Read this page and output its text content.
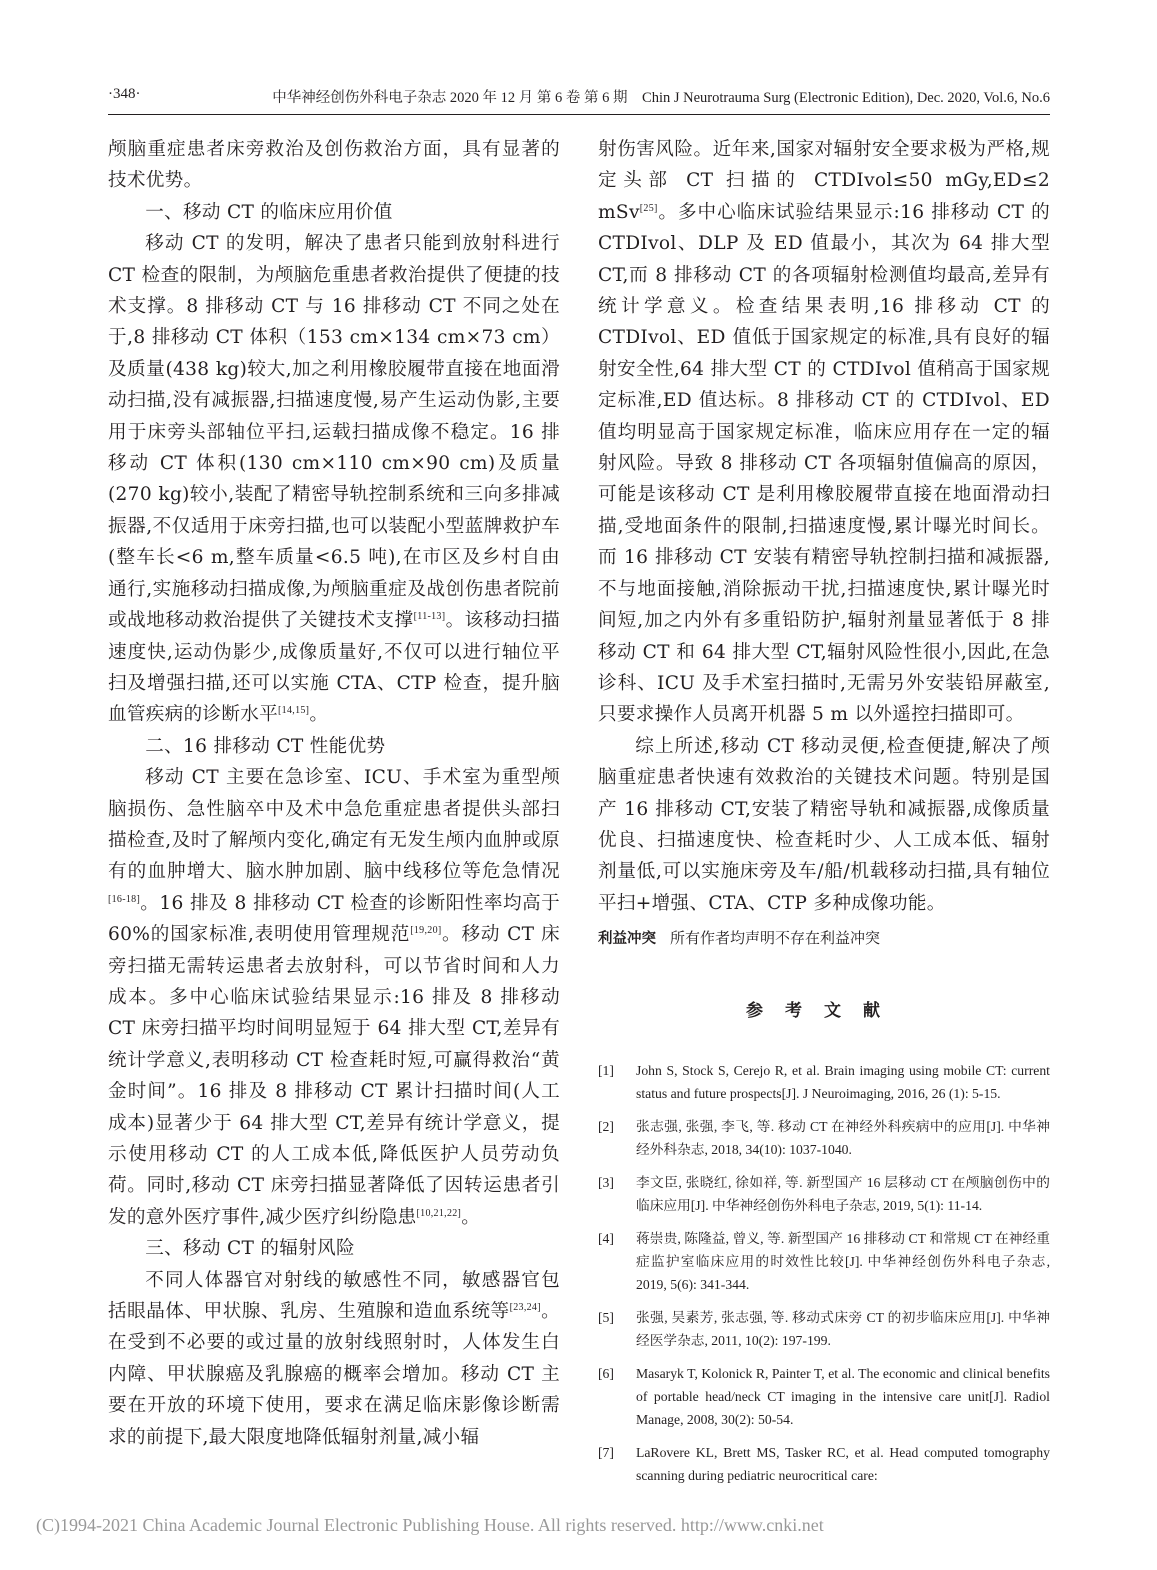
·348·	中华神经创伤外科电子杂志 2020 年 12 月 第 6 卷 第 6 期　Chin J Neurotrauma Surg (Electronic Edition), Dec. 2020, Vol.6, No.6

颅脑重症患者床旁救治及创伤救治方面，具有显著的技术优势。

一、移动 CT 的临床应用价值

移动 CT 的发明，解决了患者只能到放射科进行 CT 检查的限制，为颅脑危重患者救治提供了便捷的技术支撑。8 排移动 CT 与 16 排移动 CT 不同之处在于,8 排移动 CT 体积（153 cm×134 cm×73 cm）及质量(438 kg)较大,加之利用橡胶履带直接在地面滑动扫描,没有减振器,扫描速度慢,易产生运动伪影,主要用于床旁头部轴位平扫,运载扫描成像不稳定。16 排移动 CT 体积(130 cm×110 cm×90 cm)及质量(270 kg)较小,装配了精密导轨控制系统和三向多排减振器,不仅适用于床旁扫描,也可以装配小型蓝牌救护车(整车长<6 m,整车质量<6.5 吨),在市区及乡村自由通行,实施移动扫描成像,为颅脑重症及战创伤患者院前或战地移动救治提供了关键技术支撑[11-13]。该移动扫描速度快,运动伪影少,成像质量好,不仅可以进行轴位平扫及增强扫描,还可以实施 CTA、CTP 检查，提升脑血管疾病的诊断水平[14,15]。

二、16 排移动 CT 性能优势

移动 CT 主要在急诊室、ICU、手术室为重型颅脑损伤、急性脑卒中及术中急危重症患者提供头部扫描检查,及时了解颅内变化,确定有无发生颅内血肿或原有的血肿增大、脑水肿加剧、脑中线移位等危急情况[16-18]。16 排及 8 排移动 CT 检查的诊断阳性率均高于 60%的国家标准,表明使用管理规范[19,20]。移动 CT 床旁扫描无需转运患者去放射科，可以节省时间和人力成本。多中心临床试验结果显示:16 排及 8 排移动 CT 床旁扫描平均时间明显短于 64 排大型 CT,差异有统计学意义,表明移动 CT 检查耗时短,可赢得救治“黄金时间”。16 排及 8 排移动 CT 累计扫描时间(人工成本)显著少于 64 排大型 CT,差异有统计学意义，提示使用移动 CT 的人工成本低,降低医护人员劳动负荷。同时,移动 CT 床旁扫描显著降低了因转运患者引发的意外医疗事件,减少医疗纠纷隐患[10,21,22]。

三、移动 CT 的辐射风险

不同人体器官对射线的敏感性不同，敏感器官包括眼晶体、甲状腺、乳房、生殖腺和造血系统等[23,24]。在受到不必要的或过量的放射线照射时，人体发生白内障、甲状腺癌及乳腺癌的概率会增加。移动 CT 主要在开放的环境下使用，要求在满足临床影像诊断需求的前提下,最大限度地降低辐射剂量,减小辐

射伤害风险。近年来,国家对辐射安全要求极为严格,规定头部 CT 扫描的 CTDIvol≤50 mGy,ED≤2 mSv[25]。多中心临床试验结果显示:16 排移动 CT 的 CTDIvol、DLP 及 ED 值最小，其次为 64 排大型 CT,而 8 排移动 CT 的各项辐射检测值均最高,差异有统计学意义。检查结果表明,16 排移动 CT 的 CTDIvol、ED 值低于国家规定的标准,具有良好的辐射安全性,64 排大型 CT 的 CTDIvol 值稍高于国家规定标准,ED 值达标。8 排移动 CT 的 CTDIvol、ED 值均明显高于国家规定标准，临床应用存在一定的辐射风险。导致 8 排移动 CT 各项辐射值偏高的原因，可能是该移动 CT 是利用橡胶履带直接在地面滑动扫描,受地面条件的限制,扫描速度慢,累计曝光时间长。而 16 排移动 CT 安装有精密导轨控制扫描和减振器,不与地面接触,消除振动干扰,扫描速度快,累计曝光时间短,加之内外有多重铅防护,辐射剂量显著低于 8 排移动 CT 和 64 排大型 CT,辐射风险性很小,因此,在急诊科、ICU 及手术室扫描时,无需另外安装铅屏蔽室,只要求操作人员离开机器 5 m 以外遥控扫描即可。

综上所述,移动 CT 移动灵便,检查便捷,解决了颅脑重症患者快速有效救治的关键技术问题。特别是国产 16 排移动 CT,安装了精密导轨和减振器,成像质量优良、扫描速度快、检查耗时少、人工成本低、辐射剂量低,可以实施床旁及车/船/机载移动扫描,具有轴位平扫+增强、CTA、CTP 多种成像功能。

利益冲突 所有作者均声明不存在利益冲突

参考文献
[1] John S, Stock S, Cerejo R, et al. Brain imaging using mobile CT: current status and future prospects[J]. J Neuroimaging, 2016, 26 (1): 5-15.
[2] 张志强, 张强, 李飞, 等. 移动 CT 在神经外科疾病中的应用[J]. 中华神经外科杂志, 2018, 34(10): 1037-1040.
[3] 李文臣, 张晓红, 徐如祥, 等. 新型国产 16 层移动 CT 在颅脑创伤中的临床应用[J]. 中华神经创伤外科电子杂志, 2019, 5(1): 11-14.
[4] 蒋崇贵, 陈隆益, 曾义, 等. 新型国产 16 排移动 CT 和常规 CT 在神经重症监护室临床应用的时效性比较[J]. 中华神经创伤外科电子杂志, 2019, 5(6): 341-344.
[5] 张强, 吴素芳, 张志强, 等. 移动式床旁 CT 的初步临床应用[J]. 中华神经医学杂志, 2011, 10(2): 197-199.
[6] Masaryk T, Kolonick R, Painter T, et al. The economic and clinical benefits of portable head/neck CT imaging in the intensive care unit[J]. Radiol Manage, 2008, 30(2): 50-54.
[7] LaRovere KL, Brett MS, Tasker RC, et al. Head computed tomography scanning during pediatric neurocritical care:
(C)1994-2021 China Academic Journal Electronic Publishing House. All rights reserved. http://www.cnki.net
